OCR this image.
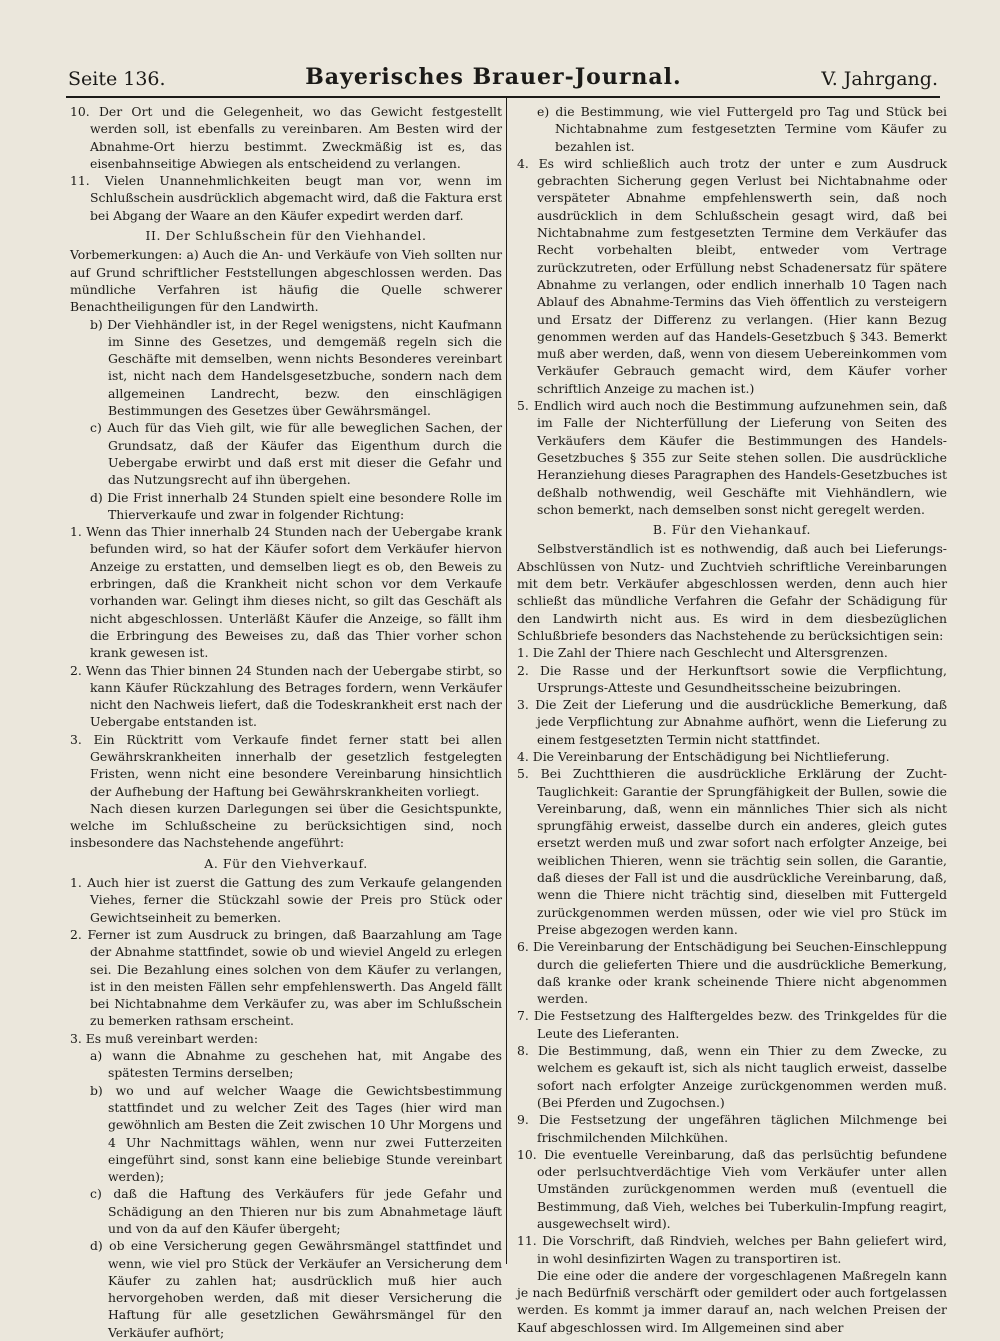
Seite 136.	Bayerisches Brauer-Journal.	V. Jahrgang.

10. Der Ort und die Gelegenheit, wo das Gewicht festgestellt werden soll, ist ebenfalls zu vereinbaren. Am Besten wird der Abnahme-Ort hierzu bestimmt. Zweckmäßig ist es, das eisenbahnseitige Abwiegen als entscheidend zu verlangen.

11. Vielen Unannehmlichkeiten beugt man vor, wenn im Schlußschein ausdrücklich abgemacht wird, daß die Faktura erst bei Abgang der Waare an den Käufer expedirt werden darf.

II. Der Schlußschein für den Viehhandel.

Vorbemerkungen: a) Auch die An- und Verkäufe von Vieh sollten nur auf Grund schriftlicher Feststellungen abgeschlossen werden. Das mündliche Verfahren ist häufig die Quelle schwerer Benachtheiligungen für den Landwirth.

b) Der Viehhändler ist, in der Regel wenigstens, nicht Kaufmann im Sinne des Gesetzes, und demgemäß regeln sich die Geschäfte mit demselben, wenn nichts Besonderes vereinbart ist, nicht nach dem Handelsgesetzbuche, sondern nach dem allgemeinen Landrecht, bezw. den einschlägigen Bestimmungen des Gesetzes über Gewährsmängel.

c) Auch für das Vieh gilt, wie für alle beweglichen Sachen, der Grundsatz, daß der Käufer das Eigenthum durch die Uebergabe erwirbt und daß erst mit dieser die Gefahr und das Nutzungsrecht auf ihn übergehen.

d) Die Frist innerhalb 24 Stunden spielt eine besondere Rolle im Thierverkaufe und zwar in folgender Richtung:

1. Wenn das Thier innerhalb 24 Stunden nach der Uebergabe krank befunden wird, so hat der Käufer sofort dem Verkäufer hiervon Anzeige zu erstatten, und demselben liegt es ob, den Beweis zu erbringen, daß die Krankheit nicht schon vor dem Verkaufe vorhanden war. Gelingt ihm dieses nicht, so gilt das Geschäft als nicht abgeschlossen. Unterläßt Käufer die Anzeige, so fällt ihm die Erbringung des Beweises zu, daß das Thier vorher schon krank gewesen ist.

2. Wenn das Thier binnen 24 Stunden nach der Uebergabe stirbt, so kann Käufer Rückzahlung des Betrages fordern, wenn Verkäufer nicht den Nachweis liefert, daß die Todeskrankheit erst nach der Uebergabe entstanden ist.

3. Ein Rücktritt vom Verkaufe findet ferner statt bei allen Gewährskrankheiten innerhalb der gesetzlich festgelegten Fristen, wenn nicht eine besondere Vereinbarung hinsichtlich der Aufhebung der Haftung bei Gewährskrankheiten vorliegt.

Nach diesen kurzen Darlegungen sei über die Gesichtspunkte, welche im Schlußscheine zu berücksichtigen sind, noch insbesondere das Nachstehende angeführt:

A. Für den Viehverkauf.

1. Auch hier ist zuerst die Gattung des zum Verkaufe gelangenden Viehes, ferner die Stückzahl sowie der Preis pro Stück oder Gewichtseinheit zu bemerken.

2. Ferner ist zum Ausdruck zu bringen, daß Baarzahlung am Tage der Abnahme stattfindet, sowie ob und wieviel Angeld zu erlegen sei. Die Bezahlung eines solchen von dem Käufer zu verlangen, ist in den meisten Fällen sehr empfehlenswerth. Das Angeld fällt bei Nichtabnahme dem Verkäufer zu, was aber im Schlußschein zu bemerken rathsam erscheint.

3. Es muß vereinbart werden:

a) wann die Abnahme zu geschehen hat, mit Angabe des spätesten Termins derselben;

b) wo und auf welcher Waage die Gewichtsbestimmung stattfindet und zu welcher Zeit des Tages (hier wird man gewöhnlich am Besten die Zeit zwischen 10 Uhr Morgens und 4 Uhr Nachmittags wählen, wenn nur zwei Futterzeiten eingeführt sind, sonst kann eine beliebige Stunde vereinbart werden);

c) daß die Haftung des Verkäufers für jede Gefahr und Schädigung an den Thieren nur bis zum Abnahmetage läuft und von da auf den Käufer übergeht;

d) ob eine Versicherung gegen Gewährsmängel stattfindet und wenn, wie viel pro Stück der Verkäufer an Versicherung dem Käufer zu zahlen hat; ausdrücklich muß hier auch hervorgehoben werden, daß mit dieser Versicherung die Haftung für alle gesetzlichen Gewährsmängel für den Verkäufer aufhört;

e) die Bestimmung, wie viel Futtergeld pro Tag und Stück bei Nichtabnahme zum festgesetzten Termine vom Käufer zu bezahlen ist.

4. Es wird schließlich auch trotz der unter e zum Ausdruck gebrachten Sicherung gegen Verlust bei Nichtabnahme oder verspäteter Abnahme empfehlenswerth sein, daß noch ausdrücklich in dem Schlußschein gesagt wird, daß bei Nichtabnahme zum festgesetzten Termine dem Verkäufer das Recht vorbehalten bleibt, entweder vom Vertrage zurückzutreten, oder Erfüllung nebst Schadenersatz für spätere Abnahme zu verlangen, oder endlich innerhalb 10 Tagen nach Ablauf des Abnahme-Termins das Vieh öffentlich zu versteigern und Ersatz der Differenz zu verlangen. (Hier kann Bezug genommen werden auf das Handels-Gesetzbuch § 343. Bemerkt muß aber werden, daß, wenn von diesem Uebereinkommen vom Verkäufer Gebrauch gemacht wird, dem Käufer vorher schriftlich Anzeige zu machen ist.)

5. Endlich wird auch noch die Bestimmung aufzunehmen sein, daß im Falle der Nichterfüllung der Lieferung von Seiten des Verkäufers dem Käufer die Bestimmungen des Handels-Gesetzbuches § 355 zur Seite stehen sollen. Die ausdrückliche Heranziehung dieses Paragraphen des Handels-Gesetzbuches ist deßhalb nothwendig, weil Geschäfte mit Viehhändlern, wie schon bemerkt, nach demselben sonst nicht geregelt werden.

B. Für den Viehankauf.

Selbstverständlich ist es nothwendig, daß auch bei Lieferungs-Abschlüssen von Nutz- und Zuchtvieh schriftliche Vereinbarungen mit dem betr. Verkäufer abgeschlossen werden, denn auch hier schließt das mündliche Verfahren die Gefahr der Schädigung für den Landwirth nicht aus. Es wird in dem diesbezüglichen Schlußbriefe besonders das Nachstehende zu berücksichtigen sein:

1. Die Zahl der Thiere nach Geschlecht und Altersgrenzen.

2. Die Rasse und der Herkunftsort sowie die Verpflichtung, Ursprungs-Atteste und Gesundheitsscheine beizubringen.

3. Die Zeit der Lieferung und die ausdrückliche Bemerkung, daß jede Verpflichtung zur Abnahme aufhört, wenn die Lieferung zu einem festgesetzten Termin nicht stattfindet.

4. Die Vereinbarung der Entschädigung bei Nichtlieferung.

5. Bei Zuchtthieren die ausdrückliche Erklärung der Zucht-Tauglichkeit: Garantie der Sprungfähigkeit der Bullen, sowie die Vereinbarung, daß, wenn ein männliches Thier sich als nicht sprungfähig erweist, dasselbe durch ein anderes, gleich gutes ersetzt werden muß und zwar sofort nach erfolgter Anzeige, bei weiblichen Thieren, wenn sie trächtig sein sollen, die Garantie, daß dieses der Fall ist und die ausdrückliche Vereinbarung, daß, wenn die Thiere nicht trächtig sind, dieselben mit Futtergeld zurückgenommen werden müssen, oder wie viel pro Stück im Preise abgezogen werden kann.

6. Die Vereinbarung der Entschädigung bei Seuchen-Einschleppung durch die gelieferten Thiere und die ausdrückliche Bemerkung, daß kranke oder krank scheinende Thiere nicht abgenommen werden.

7. Die Festsetzung des Halftergeldes bezw. des Trinkgeldes für die Leute des Lieferanten.

8. Die Bestimmung, daß, wenn ein Thier zu dem Zwecke, zu welchem es gekauft ist, sich als nicht tauglich erweist, dasselbe sofort nach erfolgter Anzeige zurückgenommen werden muß. (Bei Pferden und Zugochsen.)

9. Die Festsetzung der ungefähren täglichen Milchmenge bei frischmilchenden Milchkühen.

10. Die eventuelle Vereinbarung, daß das perlsüchtig befundene oder perlsuchtverdächtige Vieh vom Verkäufer unter allen Umständen zurückgenommen werden muß (eventuell die Bestimmung, daß Vieh, welches bei Tuberkulin-Impfung reagirt, ausgewechselt wird).

11. Die Vorschrift, daß Rindvieh, welches per Bahn geliefert wird, in wohl desinfizirten Wagen zu transportiren ist.

Die eine oder die andere der vorgeschlagenen Maßregeln kann je nach Bedürfniß verschärft oder gemildert oder auch fortgelassen werden. Es kommt ja immer darauf an, nach welchen Preisen der Kauf abgeschlossen wird. Im Allgemeinen sind aber
